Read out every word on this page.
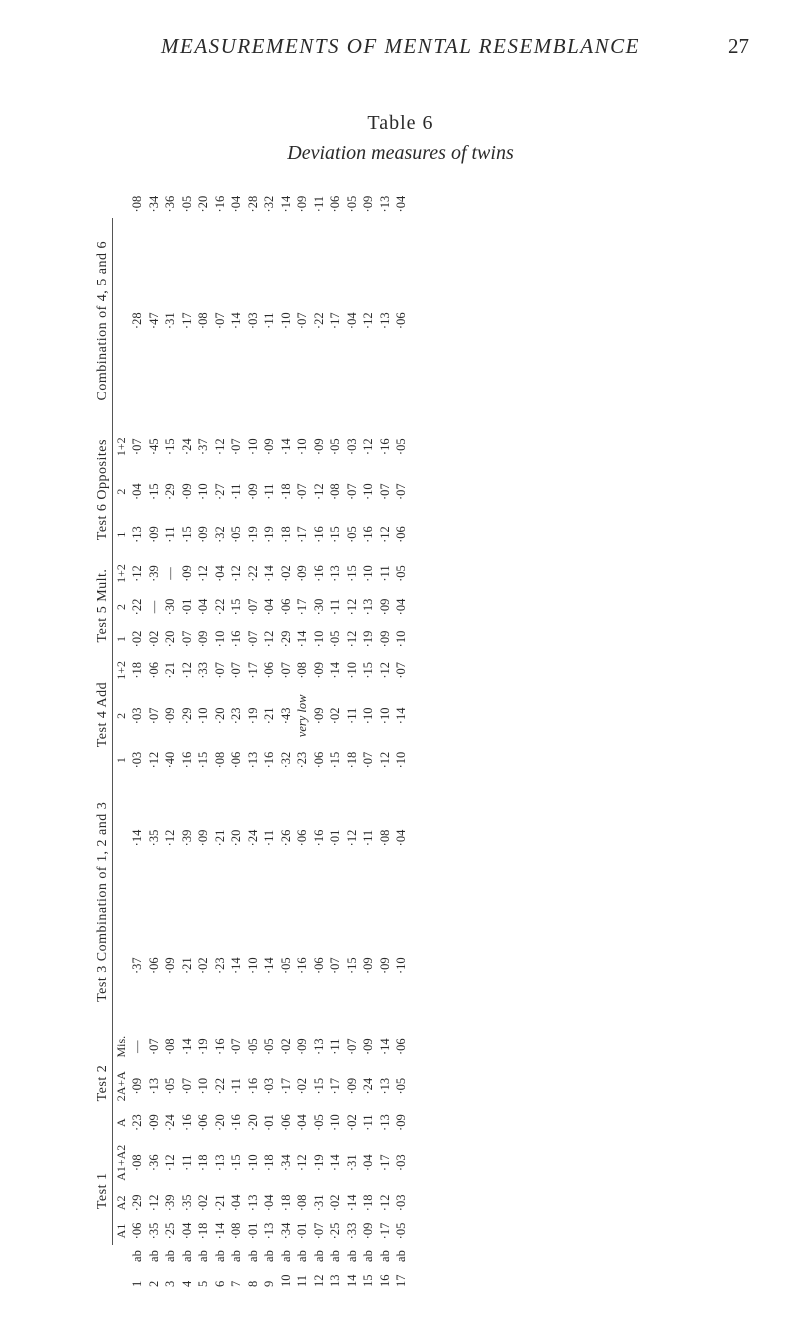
MEASUREMENTS OF MENTAL RESEMBLANCE	27
Table 6
Deviation measures of twins
		Test 1			Test 2			Test 3 Combination of 1, 2 and 3		Test 4 Add			Test 5 Mult.			Test 6 Opposites			Combination of 4, 5 and 6	
		A1	A2	A1+A2	A	2A+A	Mis.			1	2	1+2	1	2	1+2	1	2	1+2		
1	ab	·06	·29	·08	·23	·09	—	·37	·14	·03	·03	·18	·02	·22	·12	·13	·04	·07	·28	·08
2	ab	·35	·12	·36	·09	·13	·07	·06	·35	·12	·07	·06	·02	—	·39	·09	·15	·45	·47	·34
3	ab	·25	·39	·12	·24	·05	·08	·09	·12	·40	·09	·21	·20	·30	—	·11	·29	·15	·31	·36
4	ab	·04	·35	·11	·16	·07	·14	·21	·39	·16	·29	·12	·07	·01	·09	·15	·09	·24	·17	·05
5	ab	·18	·02	·18	·06	·10	·19	·02	·09	·15	·10	·33	·09	·04	·12	·09	·10	·37	·08	·20
6	ab	·14	·21	·13	·20	·22	·16	·23	·21	·08	·20	·07	·10	·22	·04	·32	·27	·12	·07	·16
7	ab	·08	·04	·15	·16	·11	·07	·14	·20	·06	·23	·07	·16	·15	·12	·05	·11	·07	·14	·04
8	ab	·01	·13	·10	·20	·16	·05	·10	·24	·13	·19	·17	·07	·07	·22	·19	·09	·10	·03	·28
9	ab	·13	·04	·18	·01	·03	·05	·14	·11	·16	·21	·06	·12	·04	·14	·19	·11	·09	·11	·32
10	ab	·34	·18	·34	·06	·17	·02	·05	·26	·32	·43	·07	·29	·06	·02	·18	·18	·14	·10	·14
11	ab	·01	·08	·12	·04	·02	·09	·16	·06	·23	very low	·08	·14	·17	·09	·17	·07	·10	·07	·09
12	ab	·07	·31	·19	·05	·15	·13	·06	·16	·06	·09	·09	·10	·30	·16	·16	·12	·09	·22	·11
13	ab	·25	·02	·14	·10	·17	·11	·07	·01	·15	·02	·14	·05	·11	·13	·15	·08	·05	·17	·06
14	ab	·33	·14	·31	·02	·09	·07	·15	·12	·18	·11	·10	·12	·12	·15	·05	·07	·03	·04	·05
15	ab	·09	·18	·04	·11	·24	·09	·09	·11	·07	·10	·15	·19	·13	·10	·16	·10	·12	·12	·09
16	ab	·17	·12	·17	·13	·13	·14	·09	·08	·12	·10	·12	·09	·09	·11	·12	·07	·16	·13	·13
17	ab	·05	·03	·03	·09	·05	·06	·10	·04	·10	·14	·07	·10	·04	·05	·06	·07	·05	·06	·04
